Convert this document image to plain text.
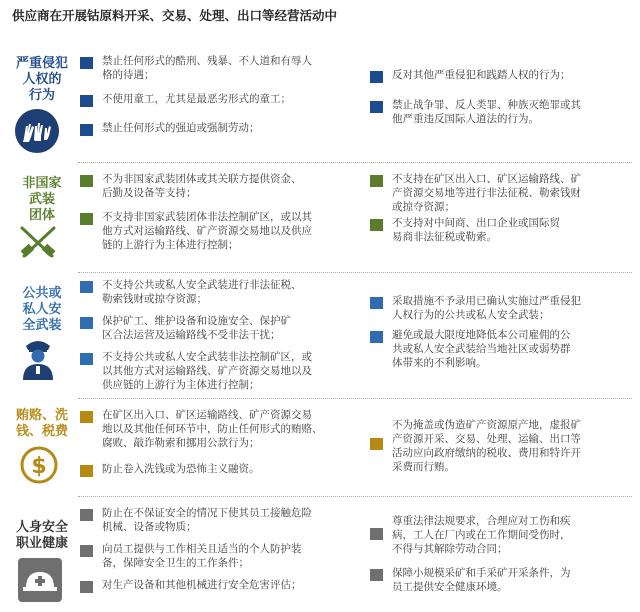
供应商在开展钴原料开采、交易、处理、出口等经营活动中
严重侵犯
人权的
行为
禁止任何形式的酷刑、残暴、不人道和有辱人
格的待遇；
不使用童工，尤其是最恶劣形式的童工；
禁止任何形式的强迫或强制劳动；
反对其他严重侵犯和践踏人权的行为；
禁止战争罪、反人类罪、种族灭绝罪或其
他严重违反国际人道法的行为。
非国家
武装
团体
不为非国家武装团体或其关联方提供资金、
后勤及设备等支持；
不支持非国家武装团体非法控制矿区，或以其
他方式对运输路线、矿产资源交易地以及供应
链的上游行为主体进行控制；
不支持在矿区出入口、矿区运输路线、矿
产资源交易地等进行非法征税、勒索钱财
或掠夺资源；
不支持对中间商、出口企业或国际贸
易商非法征税或勒索。
公共或
私人安
全武装
不支持公共或私人安全武装进行非法征税、
勒索钱财或掠夺资源；
保护矿工、维护设备和设施安全、保护矿
区合法运营及运输路线不受非法干扰；
不支持公共或私人安全武装非法控制矿区，或
以其他方式对运输路线、矿产资源交易地以及
供应链的上游行为主体进行控制；
采取措施不予录用已确认实施过严重侵犯
人权行为的公共或私人安全武装；
避免或最大限度地降低本公司雇佣的公
共或私人安全武装给当地社区或弱势群
体带来的不利影响。
贿赂、洗
钱、税费
$
在矿区出入口、矿区运输路线、矿产资源交易
地以及其他任何环节中，防止任何形式的贿赂、
腐败、敲诈勒索和挪用公款行为；
防止卷入洗钱或为恐怖主义融资。
不为掩盖或伪造矿产资源原产地，虚报矿
产资源开采、交易、处理、运输、出口等
活动应向政府缴纳的税收、费用和特许开
采费而行贿。
人身安全
职业健康
防止在不保证安全的情况下使其员工接触危险
机械、设备或物质；
向员工提供与工作相关且适当的个人防护装
备，保障安全卫生的工作条件；
对生产设备和其他机械进行安全危害评估；
尊重法律法规要求，合理应对工伤和疾
病，工人在厂内或在工作期间受伤时，
不得与其解除劳动合同；
保障小规模采矿和手采矿开采条件，为
员工提供安全健康环境。
